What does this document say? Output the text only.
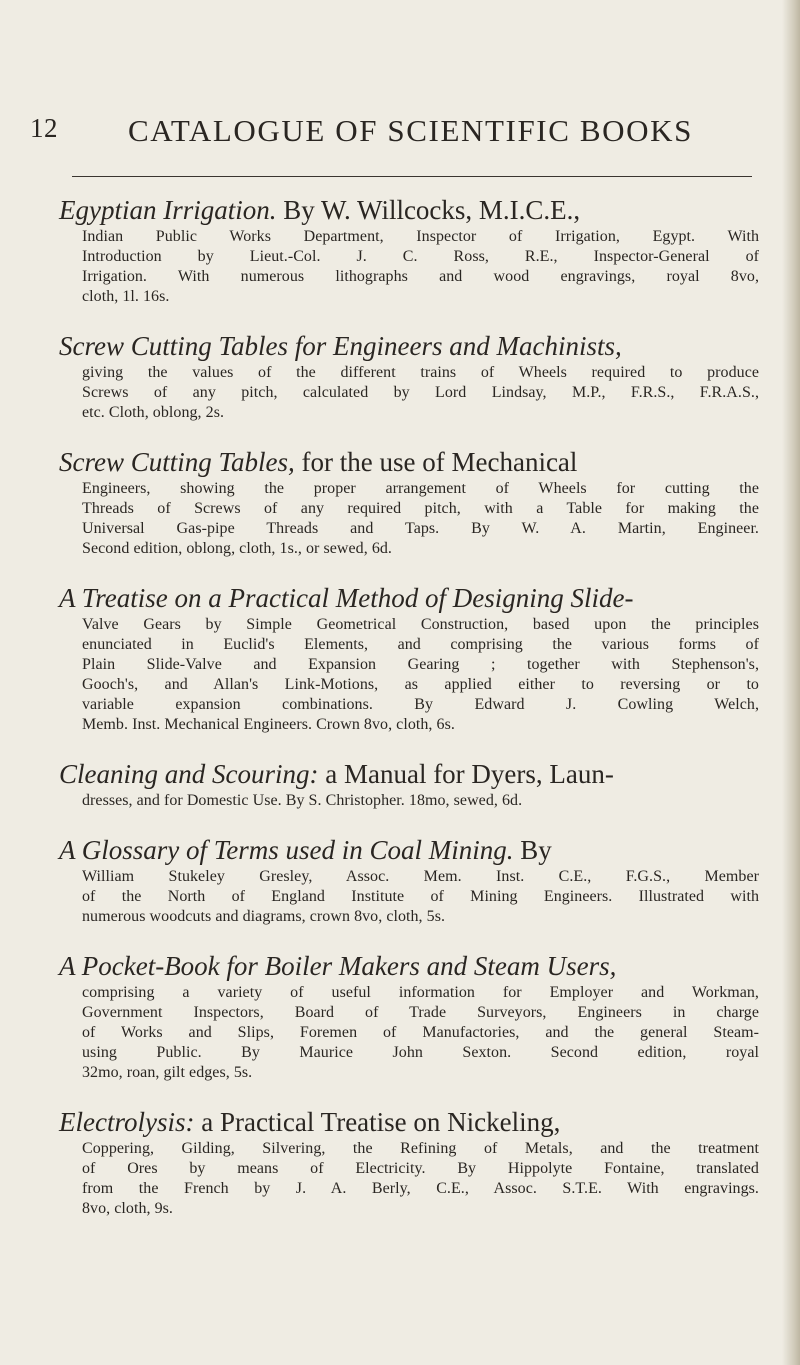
12 CATALOGUE OF SCIENTIFIC BOOKS
Egyptian Irrigation. By W. Willcocks, M.I.C.E.,
Indian Public Works Department, Inspector of Irrigation, Egypt. With
Introduction by Lieut.-Col. J. C. Ross, R.E., Inspector-General of
Irrigation. With numerous lithographs and wood engravings, royal 8vo,
cloth, 1l. 16s.
Screw Cutting Tables for Engineers and Machinists,
giving the values of the different trains of Wheels required to produce
Screws of any pitch, calculated by Lord Lindsay, M.P., F.R.S., F.R.A.S.,
etc. Cloth, oblong, 2s.
Screw Cutting Tables, for the use of Mechanical
Engineers, showing the proper arrangement of Wheels for cutting the
Threads of Screws of any required pitch, with a Table for making the
Universal Gas-pipe Threads and Taps. By W. A. Martin, Engineer.
Second edition, oblong, cloth, 1s., or sewed, 6d.
A Treatise on a Practical Method of Designing Slide-
Valve Gears by Simple Geometrical Construction, based upon the principles
enunciated in Euclid's Elements, and comprising the various forms of
Plain Slide-Valve and Expansion Gearing ; together with Stephenson's,
Gooch's, and Allan's Link-Motions, as applied either to reversing or to
variable expansion combinations. By Edward J. Cowling Welch,
Memb. Inst. Mechanical Engineers. Crown 8vo, cloth, 6s.
Cleaning and Scouring: a Manual for Dyers, Laun-
dresses, and for Domestic Use. By S. Christopher. 18mo, sewed, 6d.
A Glossary of Terms used in Coal Mining. By
William Stukeley Gresley, Assoc. Mem. Inst. C.E., F.G.S., Member
of the North of England Institute of Mining Engineers. Illustrated with
numerous woodcuts and diagrams, crown 8vo, cloth, 5s.
A Pocket-Book for Boiler Makers and Steam Users,
comprising a variety of useful information for Employer and Workman,
Government Inspectors, Board of Trade Surveyors, Engineers in charge
of Works and Slips, Foremen of Manufactories, and the general Steam-
using Public. By Maurice John Sexton. Second edition, royal
32mo, roan, gilt edges, 5s.
Electrolysis: a Practical Treatise on Nickeling,
Coppering, Gilding, Silvering, the Refining of Metals, and the treatment
of Ores by means of Electricity. By Hippolyte Fontaine, translated
from the French by J. A. Berly, C.E., Assoc. S.T.E. With engravings.
8vo, cloth, 9s.
